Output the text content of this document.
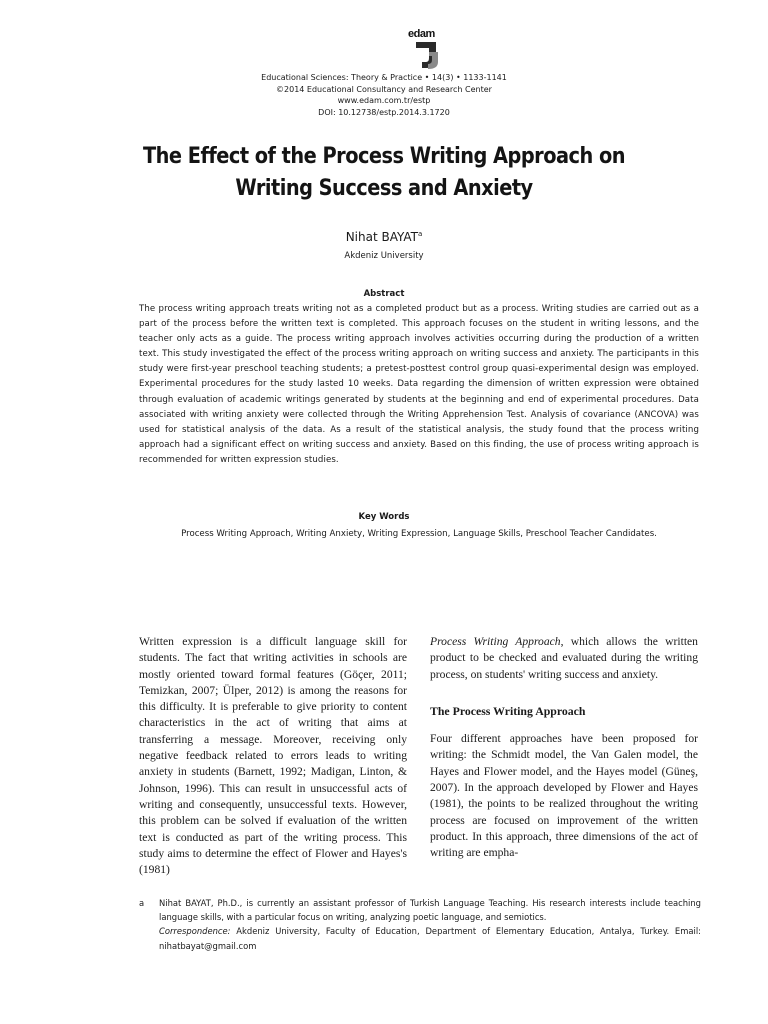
edam
Educational Sciences: Theory & Practice • 14(3) • 1133-1141
©2014 Educational Consultancy and Research Center
www.edam.com.tr/estp
DOI: 10.12738/estp.2014.3.1720
The Effect of the Process Writing Approach on Writing Success and Anxiety
Nihat BAYAT$^a$
Akdeniz University
Abstract
The process writing approach treats writing not as a completed product but as a process. Writing studies are carried out as a part of the process before the written text is completed. This approach focuses on the student in writing lessons, and the teacher only acts as a guide. The process writing approach involves activities occurring during the production of a written text. This study investigated the effect of the process writing approach on writing success and anxiety. The participants in this study were first-year preschool teaching students; a pretest-posttest control group quasi-experimental design was employed. Experimental procedures for the study lasted 10 weeks. Data regarding the dimension of written expression were obtained through evaluation of academic writings generated by students at the beginning and end of experimental procedures. Data associated with writing anxiety were collected through the Writing Apprehension Test. Analysis of covariance (ANCOVA) was used for statistical analysis of the data. As a result of the statistical analysis, the study found that the process writing approach had a significant effect on writing success and anxiety. Based on this finding, the use of process writing approach is recommended for written expression studies.
Key Words
Process Writing Approach, Writing Anxiety, Writing Expression, Language Skills, Preschool Teacher Candidates.

Written expression is a difficult language skill for students. The fact that writing activities in schools are mostly oriented toward formal features (Göçer, 2011; Temizkan, 2007; Ülper, 2012) is among the reasons for this difficulty. It is preferable to give priority to content characteristics in the act of writing that aims at transferring a message. Moreover, receiving only negative feedback related to errors leads to writing anxiety in students (Barnett, 1992; Madigan, Linton, & Johnson, 1996). This can result in unsuccessful acts of writing and consequently, unsuccessful texts. However, this problem can be solved if evaluation of the written text is conducted as part of the writing process. This study aims to determine the effect of Flower and Hayes's (1981)

Process Writing Approach, which allows the written product to be checked and evaluated during the writing process, on students' writing success and anxiety.

The Process Writing Approach

Four different approaches have been proposed for writing: the Schmidt model, the Van Galen model, the Hayes and Flower model, and the Hayes model (Güneş, 2007). In the approach developed by Flower and Hayes (1981), the points to be realized throughout the writing process are focused on improvement of the written product. In this approach, three dimensions of the act of writing are empha-

a Nihat BAYAT, Ph.D., is currently an assistant professor of Turkish Language Teaching. His research interests include teaching language skills, with a particular focus on writing, analyzing poetic language, and semiotics.
Correspondence: Akdeniz University, Faculty of Education, Department of Elementary Education, Antalya, Turkey. Email: nihatbayat@gmail.com
